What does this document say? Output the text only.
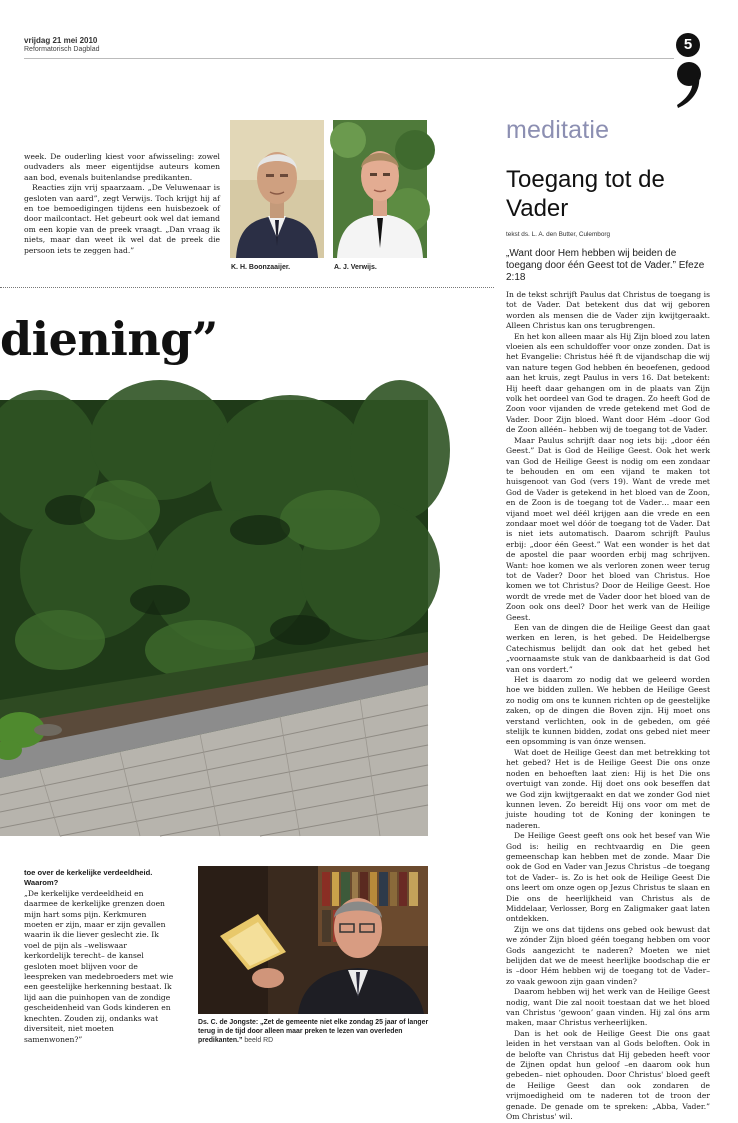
vrijdag 21 mei 2010
Reformatorisch Dagblad	5

week. De ouderling kiest voor afwisseling: zowel oudvaders als meer eigentijdse auteurs komen aan bod, evenals buitenlandse predikanten.

Reacties zijn vrij spaarzaam. „De Veluwenaar is gesloten van aard”, zegt Verwijs. Toch krijgt hij af en toe bemoedigingen tijdens een huisbezoek of door mailcontact. Het gebeurt ook wel dat iemand om een kopie van de preek vraagt. „Dan vraag ik niets, maar dan weet ik wel dat de preek die persoon iets te zeggen had.”

K. H. Boonzaaijer.	A. J. Verwijs.
diening”
toe over de kerkelijke verdeeldheid. Waarom?
„De kerkelijke verdeeldheid en daarmee de kerkelijke grenzen doen mijn hart soms pijn. Kerkmuren moeten er zijn, maar er zijn gevallen waarin ik die liever geslecht zie. Ik voel de pijn als –weliswaar kerkordelijk terecht– de kansel gesloten moet blijven voor de leespreken van medebroeders met wie een geestelijke herkenning bestaat. Ik lijd aan die puinhopen van de zondige gescheidenheid van Gods kinderen en knechten. Zouden zij, ondanks wat diversiteit, niet moeten samenwonen?”
Ds. C. de Jongste: „Zet de gemeente niet elke zondag 25 jaar of langer terug in de tijd door alleen maar preken te lezen van overleden predikanten.” beeld RD
meditatie
Toegang tot de Vader
tekst ds. L. A. den Butter, Culemborg
„Want door Hem hebben wij beiden de toegang door één Geest tot de Vader.” Efeze 2:18

In de tekst schrijft Paulus dat Christus de toegang is tot de Vader. Dat betekent dus dat wij geboren worden als mensen die de Vader zijn kwijtgeraakt. Alleen Christus kan ons terugbrengen.

En het kon alleen maar als Hij Zijn bloed zou laten vloeien als een schuldoffer voor onze zonden. Dat is het Evangelie: Christus héé ft de vijandschap die wij van nature tegen God hebben én beoefenen, gedood aan het kruis, zegt Paulus in vers 16. Dat betekent: Hij heeft daar gehangen om in de plaats van Zijn volk het oordeel van God te dragen. Zo heeft God de Zoon voor vijanden de vrede getekend met God de Vader. Door Zijn bloed. Want door Hém –door God de Zoon alléén– hebben wij de toegang tot de Vader.

Maar Paulus schrijft daar nog iets bij: „door één Geest.” Dat is God de Heilige Geest. Ook het werk van God de Heilige Geest is nodig om een zondaar te behouden en om een vijand te maken tot huisgenoot van God (vers 19). Want de vrede met God de Vader is getekend in het bloed van de Zoon, en de Zoon is de toegang tot de Vader… maar een vijand moet wel déél krijgen aan die vrede en een zondaar moet wel dóór de toegang tot de Vader. Dat is niet iets automatisch. Daarom schrijft Paulus erbij: „door één Geest.” Wat een wonder is het dat de apostel die paar woorden erbij mag schrijven. Want: hoe komen we als verloren zonen weer terug tot de Vader? Door het bloed van Christus. Hoe komen we tot Christus? Door de Heilige Geest. Hoe wordt de vrede met de Vader door het bloed van de Zoon ook ons deel? Door het werk van de Heilige Geest.

Een van de dingen die de Heilige Geest dan gaat werken en leren, is het gebed. De Heidelbergse Catechismus belijdt dan ook dat het gebed het „voornaamste stuk van de dankbaarheid is dat God van ons vordert.”

Het is daarom zo nodig dat we geleerd worden hoe we bidden zullen. We hebben de Heilige Geest zo nodig om ons te kunnen richten op de geestelijke zaken, op de dingen die Boven zijn. Hij moet ons verstand verlichten, ook in de gebeden, om géé stelijk te kunnen bidden, zodat ons gebed niet meer een opsomming is van ónze wensen.

Wat doet de Heilige Geest dan met betrekking tot het gebed? Het is de Heilige Geest Die ons onze noden en behoeften laat zien: Hij is het Die ons overtuigt van zonde. Hij doet ons ook beseffen dat we God zijn kwijtgeraakt en dat we zonder God niet kunnen leven. Zo bereidt Hij ons voor om met de juiste houding tot de Koning der koningen te naderen.

De Heilige Geest geeft ons ook het besef van Wie God is: heilig en rechtvaardig en Die geen gemeenschap kan hebben met de zonde. Maar Die ook de God en Vader van Jezus Christus –de toegang tot de Vader– is. Zo is het ook de Heilige Geest Die ons leert om onze ogen op Jezus Christus te slaan en Die ons de heerlijkheid van Christus als de Middelaar, Verlosser, Borg en Zaligmaker gaat laten ontdekken.

Zijn we ons dat tijdens ons gebed ook bewust dat we zónder Zijn bloed géén toegang hebben om voor Gods aangezicht te naderen? Moeten we niet belijden dat we de meest heerlijke boodschap die er is –door Hém hebben wij de toegang tot de Vader– zo vaak gewoon zijn gaan vinden?

Daarom hebben wij het werk van de Heilige Geest nodig, want Die zal nooit toestaan dat we het bloed van Christus ‘gewoon’ gaan vinden. Hij zal óns arm maken, maar Christus verheerlijken.

Dan is het ook de Heilige Geest Die ons gaat leiden in het verstaan van al Gods beloften. Ook in de belofte van Christus dat Hij gebeden heeft voor de Zijnen opdat hun geloof –en daarom ook hun gebeden– niet ophouden. Door Christus' bloed geeft de Heilige Geest dan ook zondaren de vrijmoedigheid om te naderen tot de troon der genade. De genade om te spreken: „Abba, Vader.” Om Christus' wil.
